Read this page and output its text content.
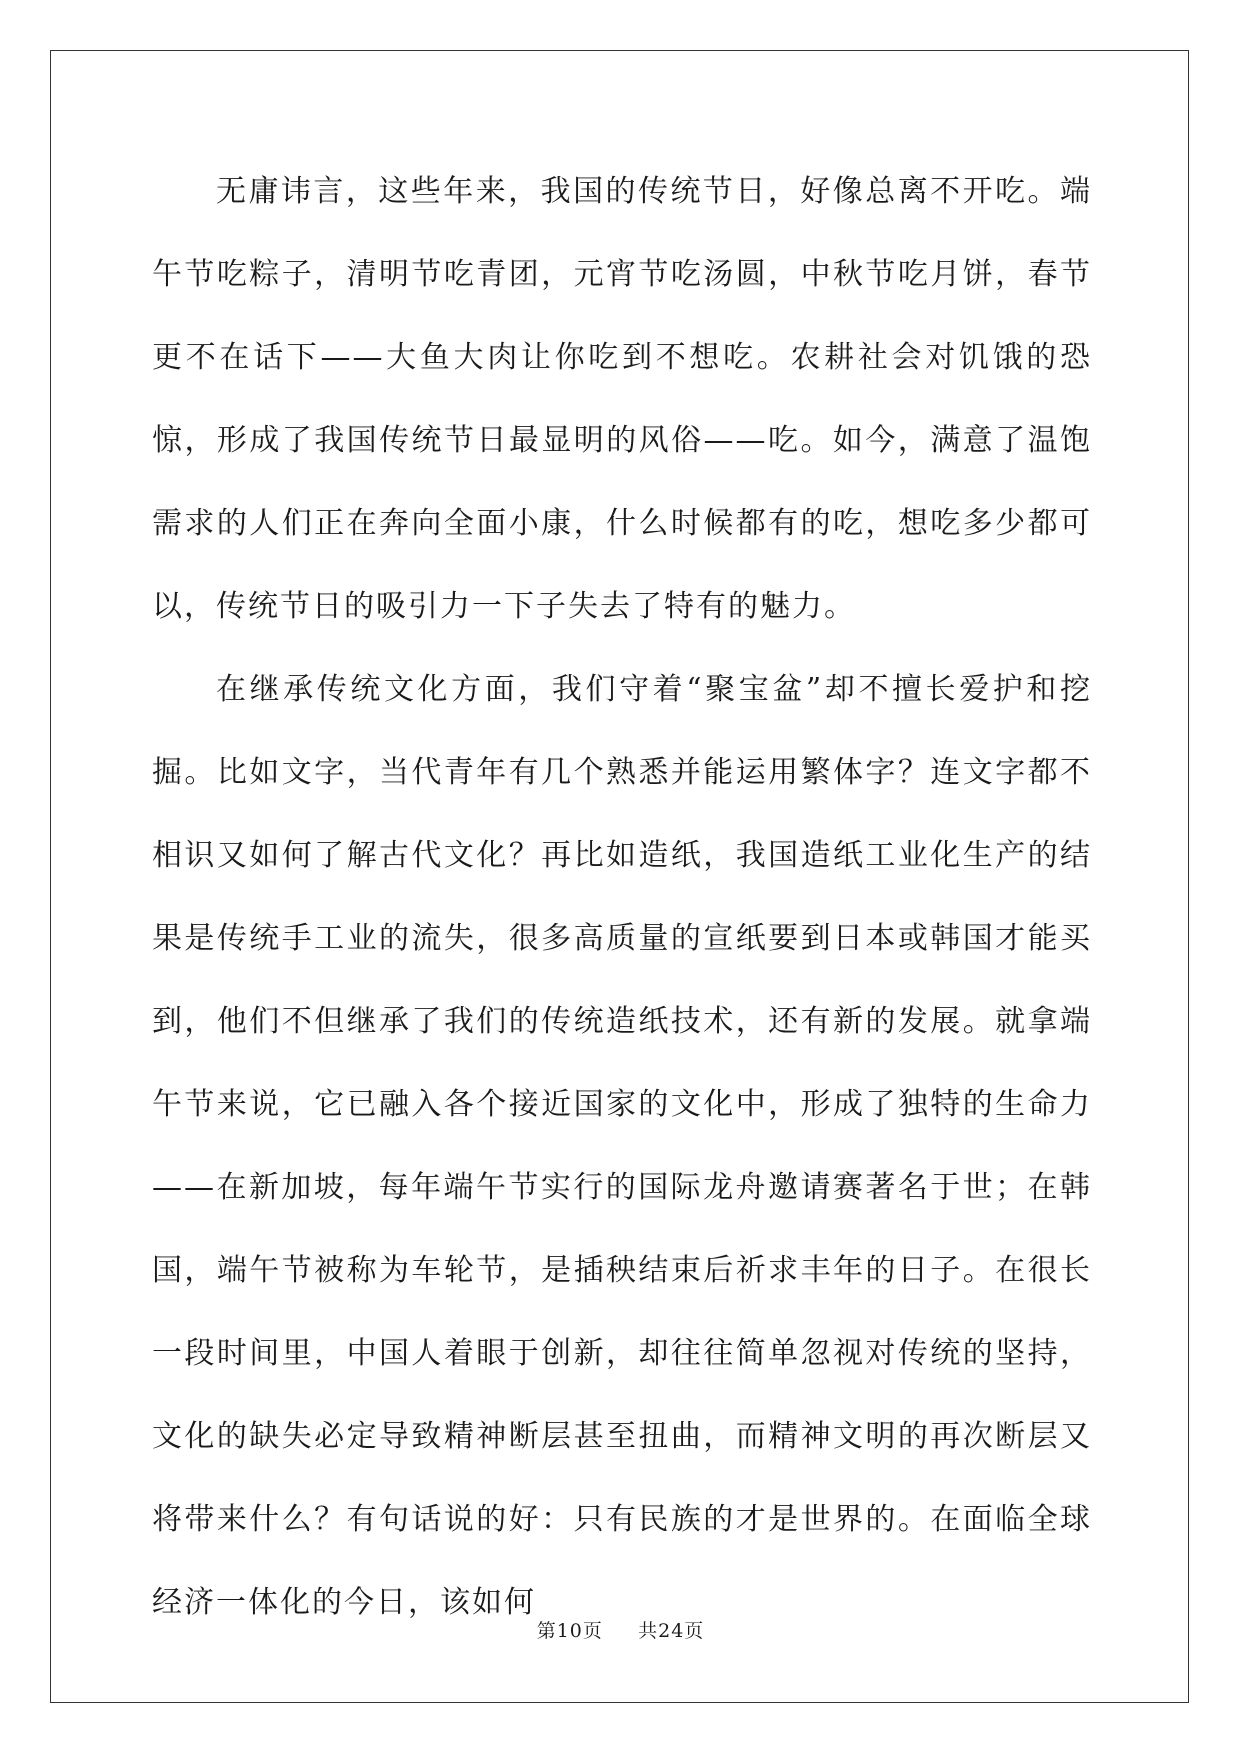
无庸讳言，这些年来，我国的传统节日，好像总离不开吃。端午节吃粽子，清明节吃青团，元宵节吃汤圆，中秋节吃月饼，春节更不在话下——大鱼大肉让你吃到不想吃。农耕社会对饥饿的恐惊，形成了我国传统节日最显明的风俗——吃。如今，满意了温饱需求的人们正在奔向全面小康，什么时候都有的吃，想吃多少都可以，传统节日的吸引力一下子失去了特有的魅力。

在继承传统文化方面，我们守着“聚宝盆”却不擅长爱护和挖掘。比如文字，当代青年有几个熟悉并能运用繁体字？连文字都不相识又如何了解古代文化？再比如造纸，我国造纸工业化生产的结果是传统手工业的流失，很多高质量的宣纸要到日本或韩国才能买到，他们不但继承了我们的传统造纸技术，还有新的发展。就拿端午节来说，它已融入各个接近国家的文化中，形成了独特的生命力——在新加坡，每年端午节实行的国际龙舟邀请赛著名于世；在韩国，端午节被称为车轮节，是插秧结束后祈求丰年的日子。在很长一段时间里，中国人着眼于创新，却往往简单忽视对传统的坚持，文化的缺失必定导致精神断层甚至扭曲，而精神文明的再次断层又将带来什么？有句话说的好：只有民族的才是世界的。在面临全球经济一体化的今日，该如何

第10页 共24页
